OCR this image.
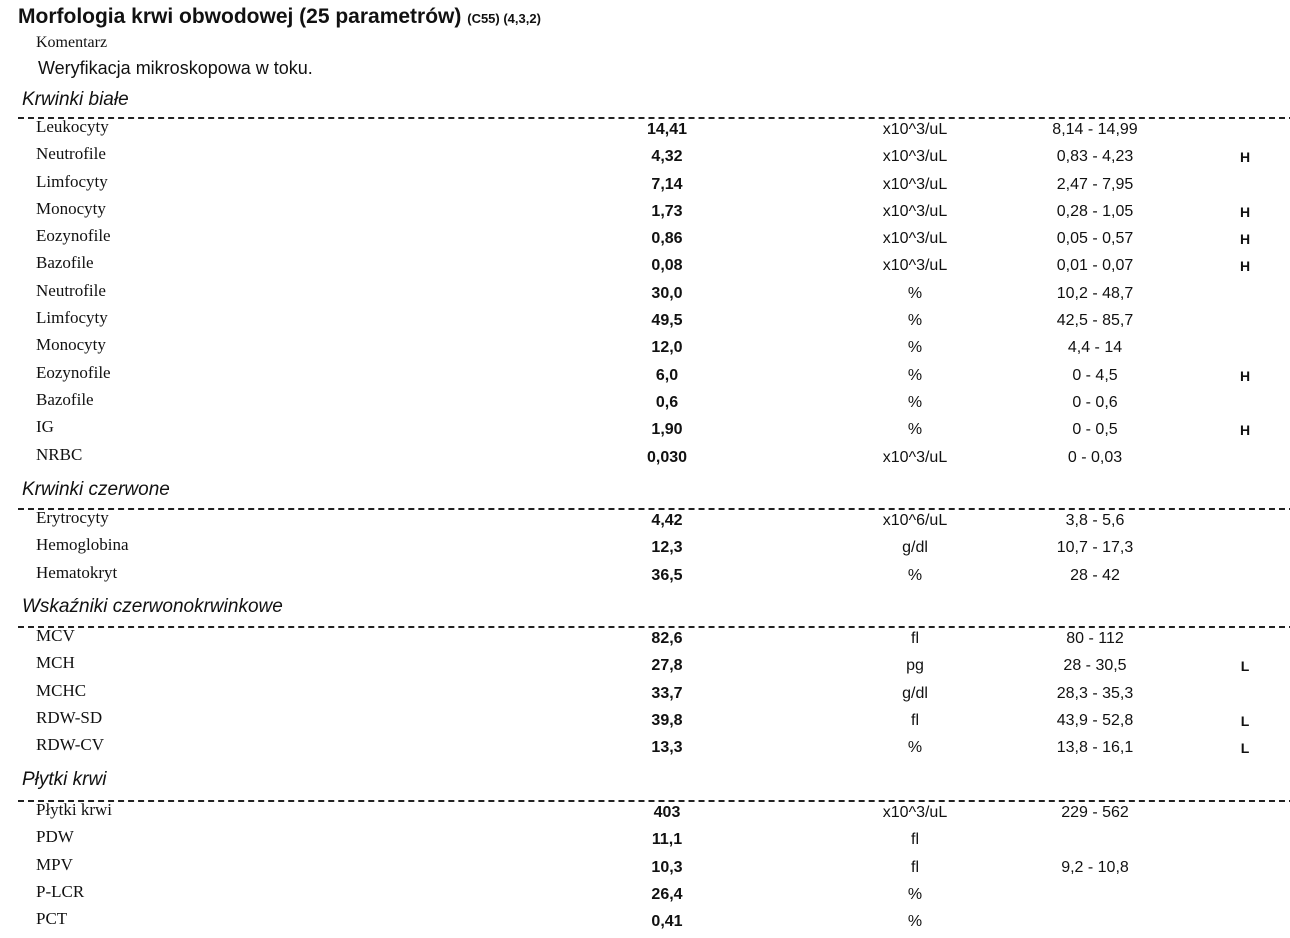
Morfologia krwi obwodowej (25 parametrów) (C55) (4,3,2)
Komentarz
Weryfikacja mikroskopowa w toku.
Krwinki białe
Leukocyty	14,41	x10^3/uL	8,14 - 14,99
Neutrofile	4,32	x10^3/uL	0,83 - 4,23	H
Limfocyty	7,14	x10^3/uL	2,47 - 7,95
Monocyty	1,73	x10^3/uL	0,28 - 1,05	H
Eozynofile	0,86	x10^3/uL	0,05 - 0,57	H
Bazofile	0,08	x10^3/uL	0,01 - 0,07	H
Neutrofile	30,0	%	10,2 - 48,7
Limfocyty	49,5	%	42,5 - 85,7
Monocyty	12,0	%	4,4 - 14
Eozynofile	6,0	%	0 - 4,5	H
Bazofile	0,6	%	0 - 0,6
IG	1,90	%	0 - 0,5	H
NRBC	0,030	x10^3/uL	0 - 0,03
Krwinki czerwone
Erytrocyty	4,42	x10^6/uL	3,8 - 5,6
Hemoglobina	12,3	g/dl	10,7 - 17,3
Hematokryt	36,5	%	28 - 42
Wskaźniki czerwonokrwinkowe
MCV	82,6	fl	80 - 112
MCH	27,8	pg	28 - 30,5	L
MCHC	33,7	g/dl	28,3 - 35,3
RDW-SD	39,8	fl	43,9 - 52,8	L
RDW-CV	13,3	%	13,8 - 16,1	L
Płytki krwi
Płytki krwi	403	x10^3/uL	229 - 562
PDW	11,1	fl
MPV	10,3	fl	9,2 - 10,8
P-LCR	26,4	%
PCT	0,41	%
